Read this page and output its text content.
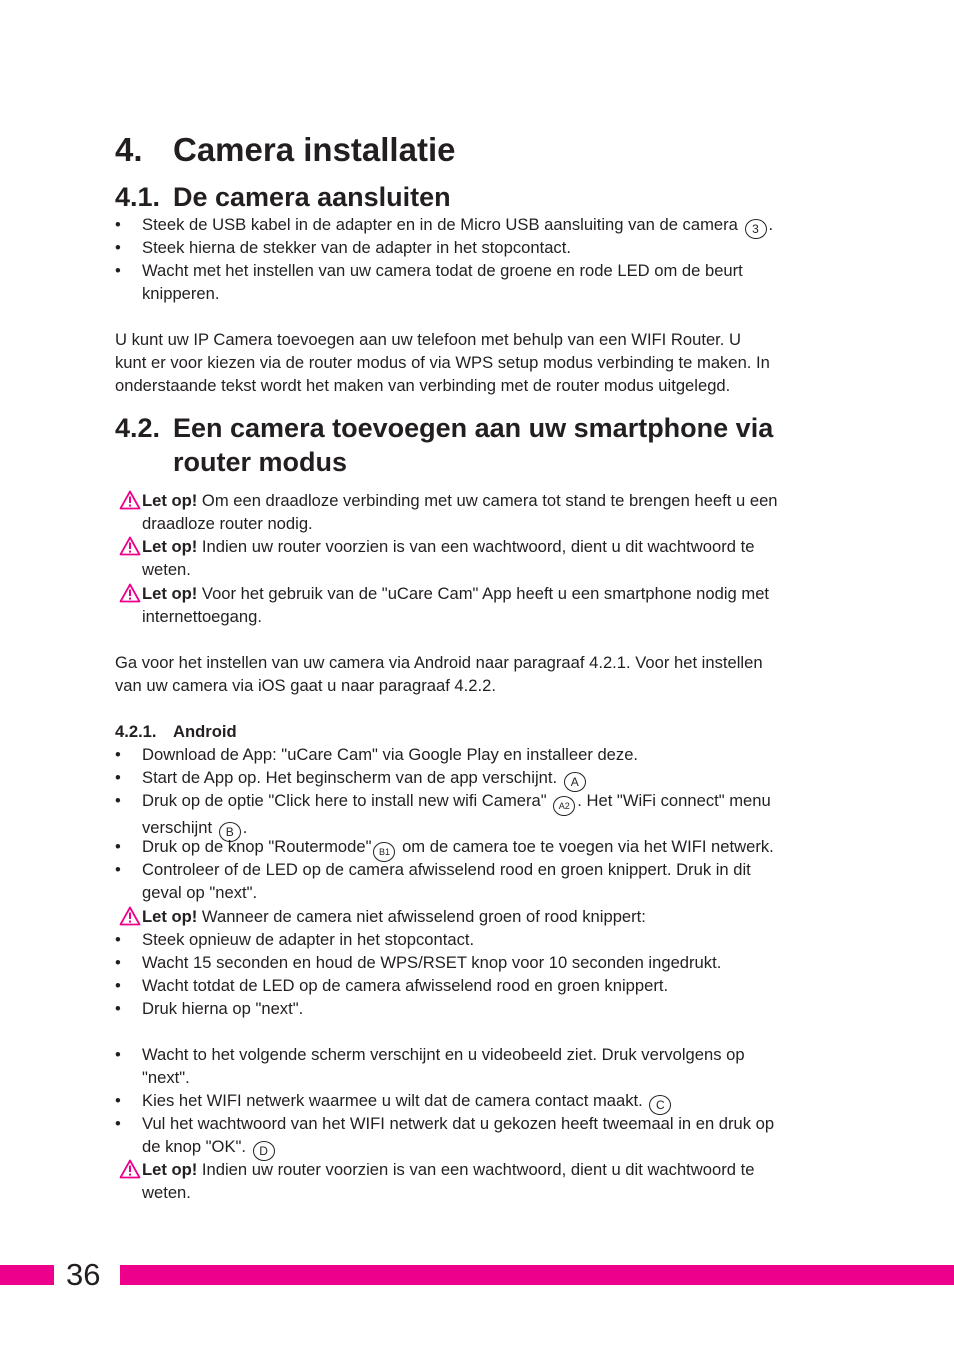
4. Camera installatie
4.1. De camera aansluiten
•	Steek de USB kabel in de adapter en in de Micro USB aansluiting van de camera 3 .
•	Steek hierna de stekker van de adapter in het stopcontact.
•	Wacht met het instellen van uw camera todat de groene en rode LED om de beurt
knipperen.
U kunt uw IP Camera toevoegen aan uw telefoon met behulp van een WIFI Router. U
kunt er voor kiezen via de router modus of via WPS setup modus verbinding te maken. In
onderstaande tekst wordt het maken van verbinding met de router modus uitgelegd.
4.2. Een camera toevoegen aan uw smartphone via
router modus
Let op! Om een draadloze verbinding met uw camera tot stand te brengen heeft u een
draadloze router nodig.
Let op! Indien uw router voorzien is van een wachtwoord, dient u dit wachtwoord te
weten.
Let op! Voor het gebruik van de "uCare Cam" App heeft u een smartphone nodig met
internettoegang.
Ga voor het instellen van uw camera via Android naar paragraaf 4.2.1. Voor het instellen
van uw camera via iOS gaat u naar paragraaf 4.2.2.
4.2.1. Android
•	Download de App: "uCare Cam" via Google Play en installeer deze.
•	Start de App op. Het beginscherm van de app verschijnt. A
•	Druk op de optie "Click here to install new wifi Camera" A2 . Het "WiFi connect" menu
verschijnt B .
•	Druk op de knop "Routermode" B1 om de camera toe te voegen via het WIFI netwerk.
•	Controleer of de LED op de camera afwisselend rood en groen knippert. Druk in dit
geval op "next".
Let op! Wanneer de camera niet afwisselend groen of rood knippert:
•	Steek opnieuw de adapter in het stopcontact.
•	Wacht 15 seconden en houd de WPS/RSET knop voor 10 seconden ingedrukt.
•	Wacht totdat de LED op de camera afwisselend rood en groen knippert.
•	Druk hierna op "next".
•	Wacht to het volgende scherm verschijnt en u videobeeld ziet. Druk vervolgens op
"next".
•	Kies het WIFI netwerk waarmee u wilt dat de camera contact maakt. C
•	Vul het wachtwoord van het WIFI netwerk dat u gekozen heeft tweemaal in en druk op
de knop "OK". D
Let op! Indien uw router voorzien is van een wachtwoord, dient u dit wachtwoord te
weten.
36
